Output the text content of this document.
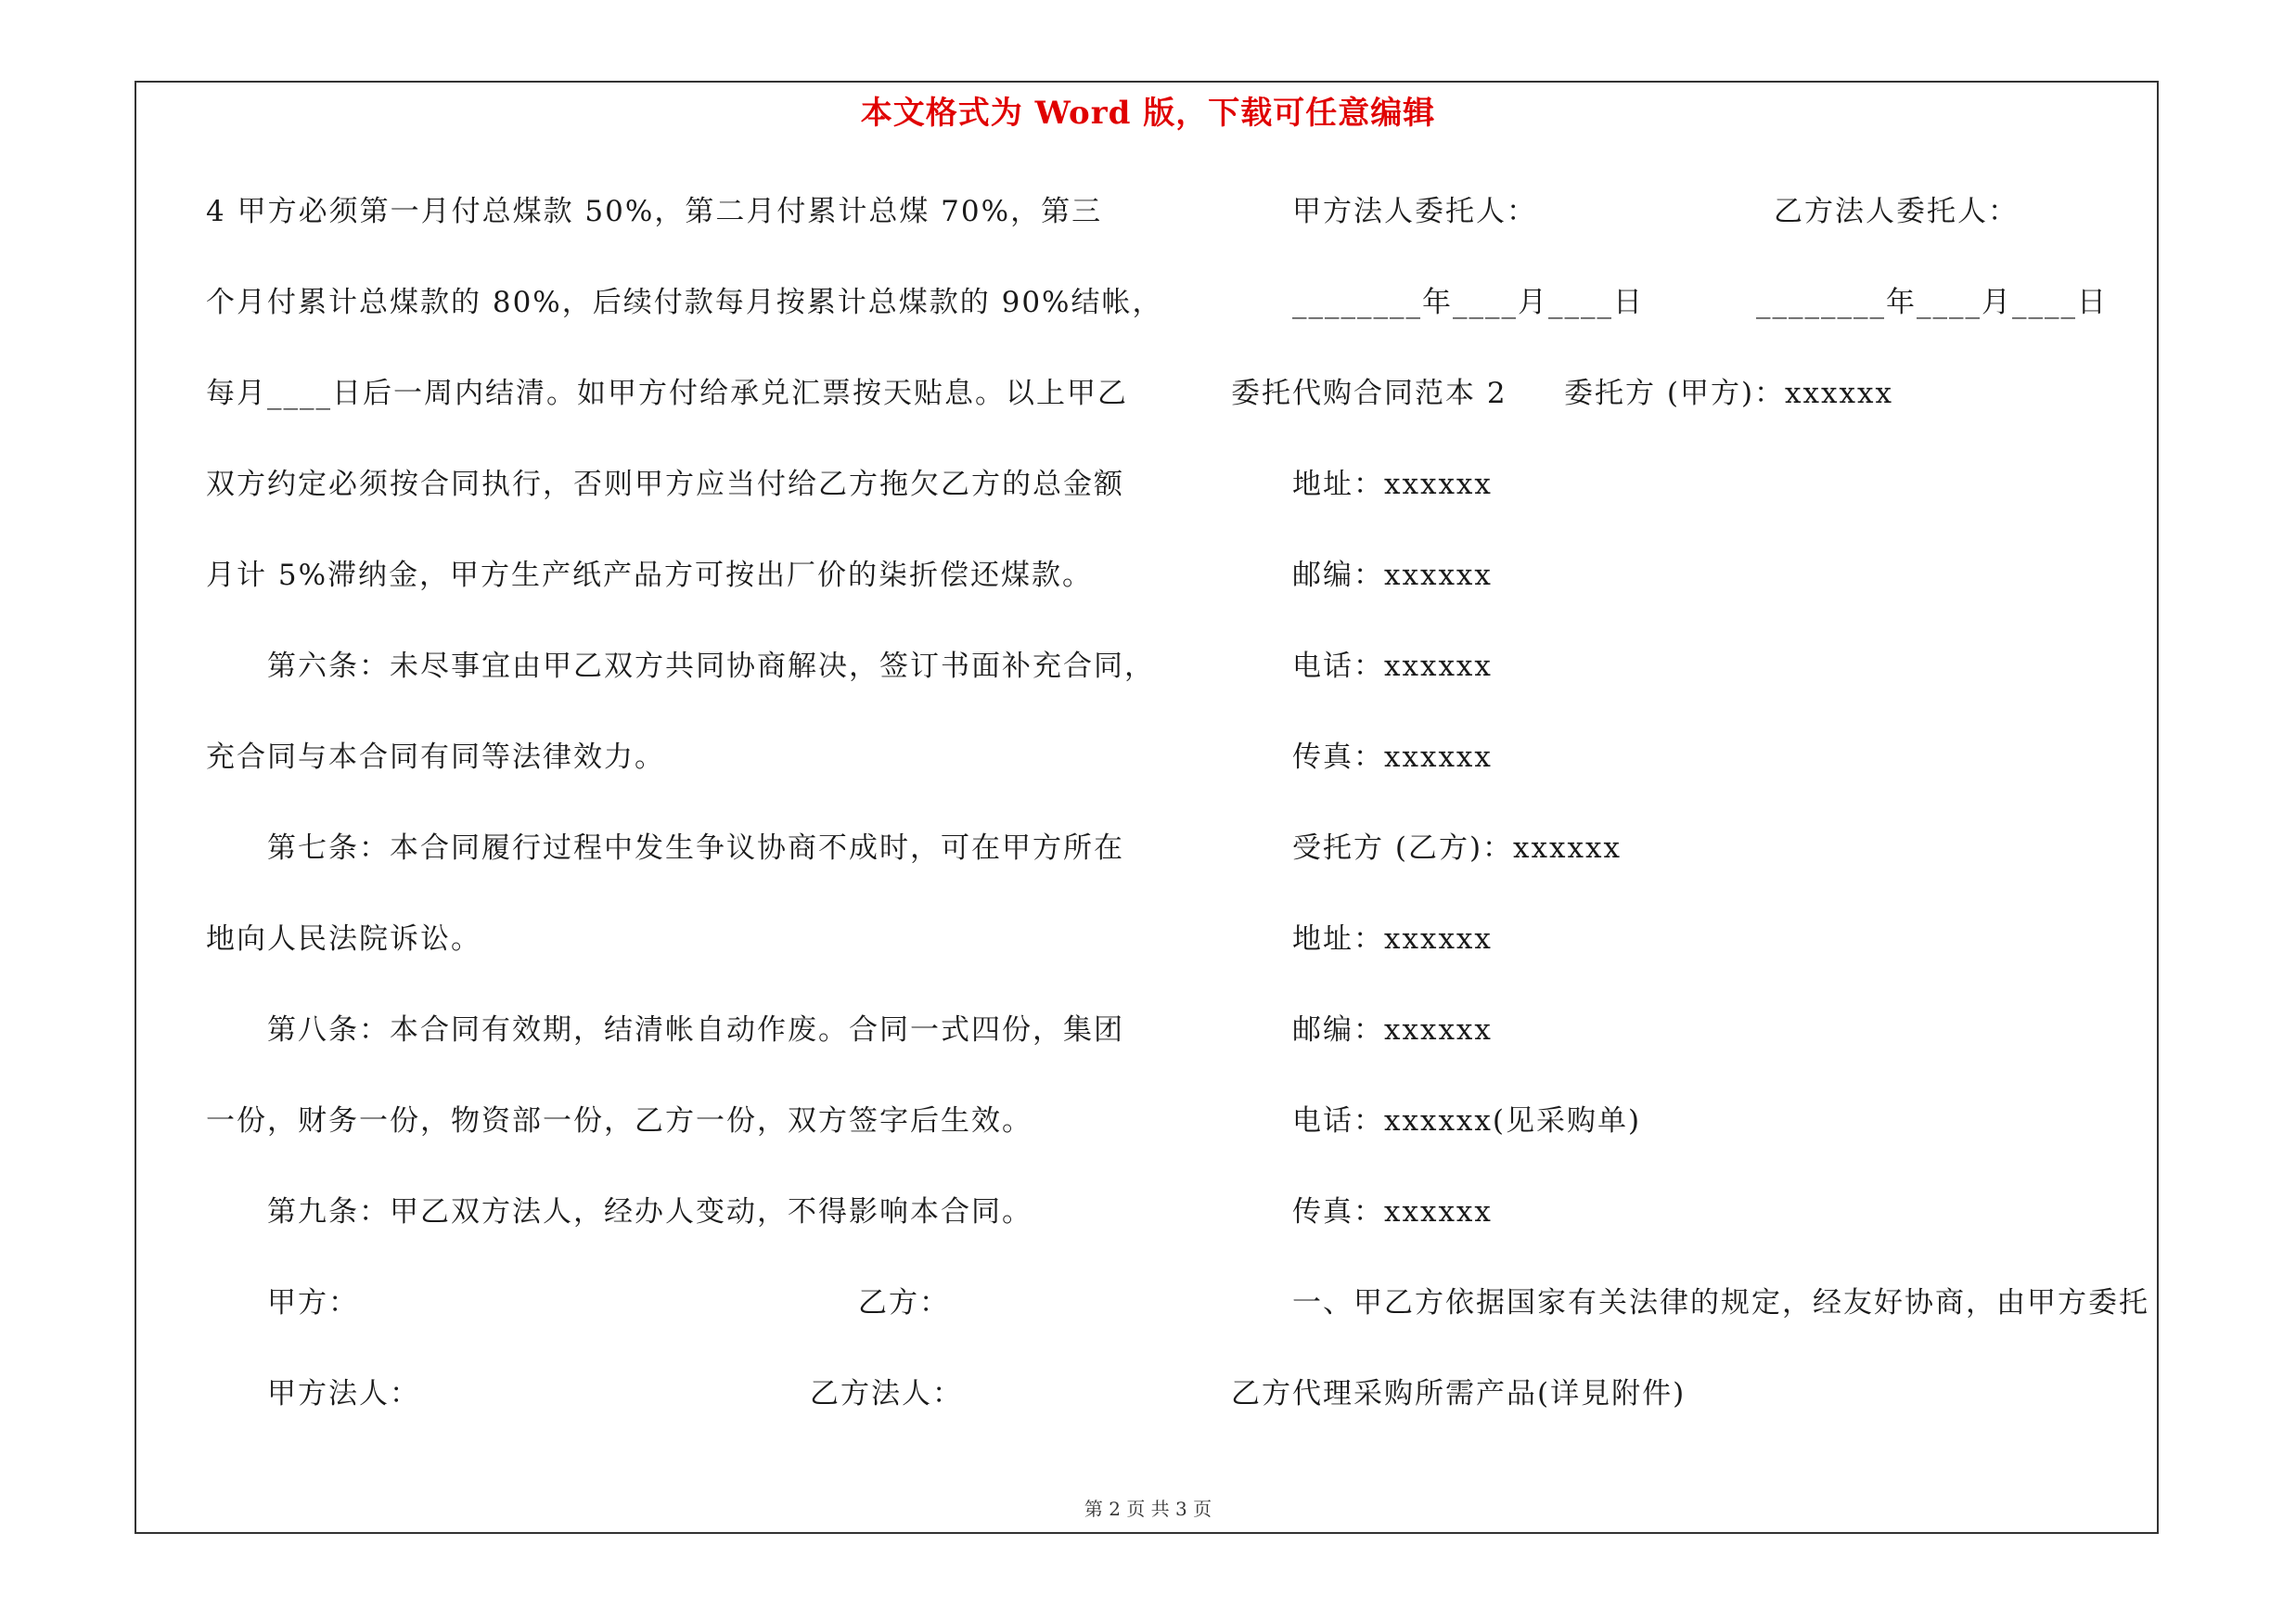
本文格式为 Word 版，下载可任意编辑
4 甲方必须第一月付总煤款 50%，第二月付累计总煤 70%，第三
个月付累计总煤款的 80%，后续付款每月按累计总煤款的 90%结帐，
每月____日后一周内结清。如甲方付给承兑汇票按天贴息。以上甲乙
双方约定必须按合同执行，否则甲方应当付给乙方拖欠乙方的总金额
月计 5%滞纳金，甲方生产纸产品方可按出厂价的柒折偿还煤款。
第六条：未尽事宜由甲乙双方共同协商解决，签订书面补充合同，
充合同与本合同有同等法律效力。
第七条：本合同履行过程中发生争议协商不成时，可在甲方所在
地向人民法院诉讼。
第八条：本合同有效期，结清帐自动作废。合同一式四份，集团
一份，财务一份，物资部一份，乙方一份，双方签字后生效。
第九条：甲乙双方法人，经办人变动，不得影响本合同。
甲方：	乙方：
甲方法人：	乙方法人：
甲方法人委托人：	乙方法人委托人：
________年____月____日	________年____月____日
委托代购合同范本 2 委托方 (甲方)：xxxxxx
地址：xxxxxx
邮编：xxxxxx
电话：xxxxxx
传真：xxxxxx
受托方 (乙方)：xxxxxx
地址：xxxxxx
邮编：xxxxxx
电话：xxxxxx(见采购单)
传真：xxxxxx
一、甲乙方依据国家有关法律的规定，经友好协商，由甲方委托
乙方代理采购所需产品(详見附件)
第 2 页 共 3 页
